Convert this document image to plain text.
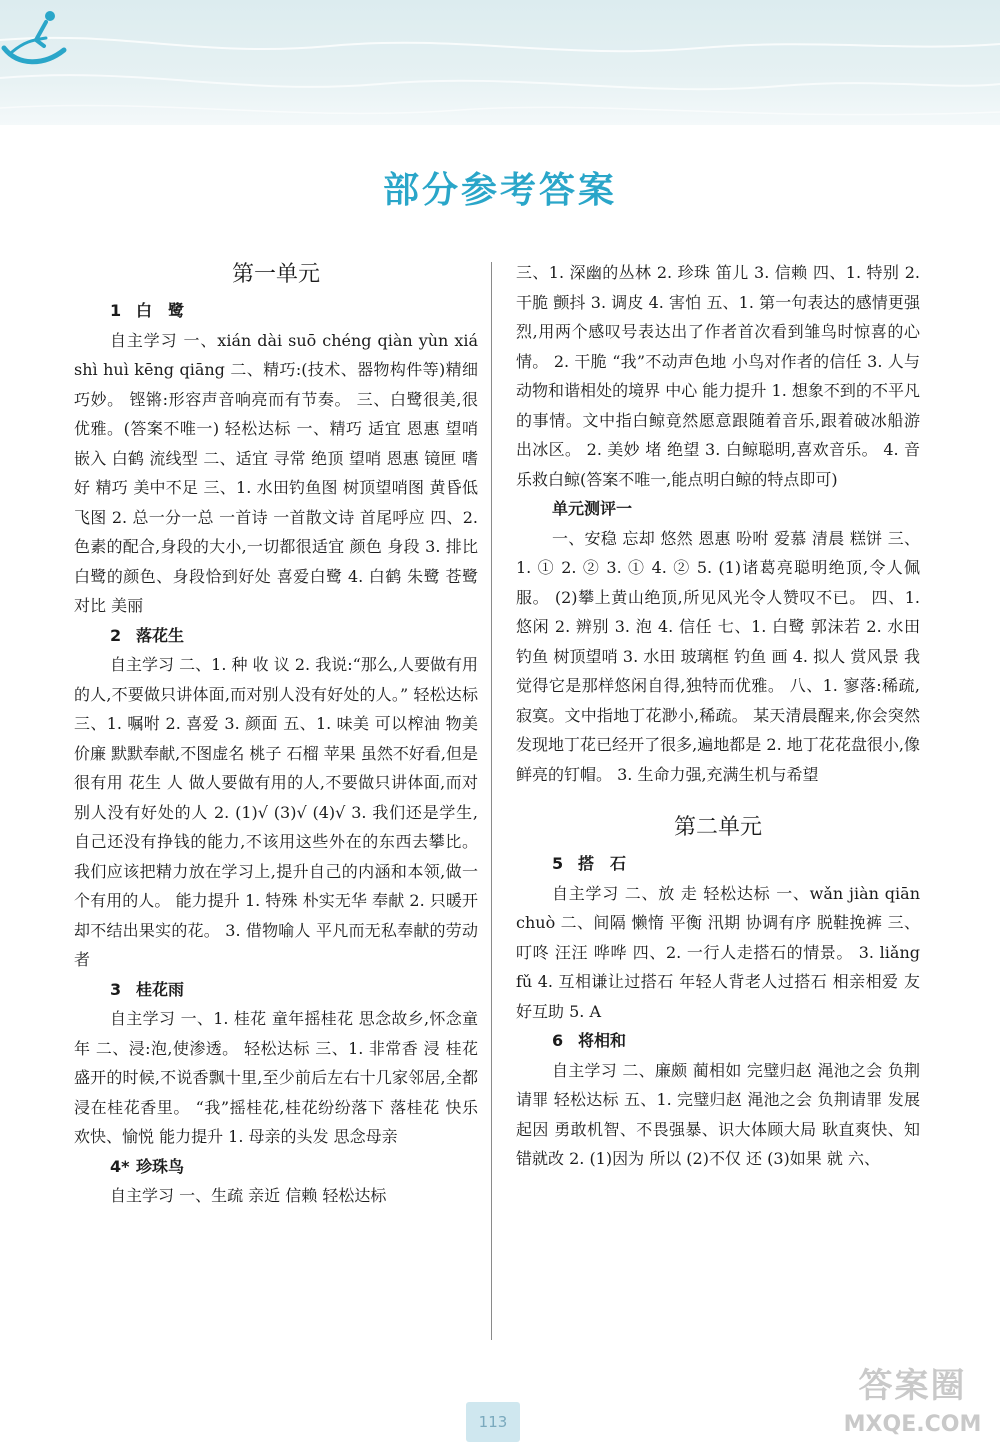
部分参考答案
第一单元
1 白　鹭

自主学习 一、xián dài suō chéng qiàn yùn xiá shì huì kēng qiāng 二、精巧:(技术、器物构件等)精细巧妙。 铿锵:形容声音响亮而有节奏。 三、白鹭很美,很优雅。(答案不唯一) 轻松达标 一、精巧 适宜 恩惠 望哨 嵌入 白鹤 流线型 二、适宜 寻常 绝顶 望哨 恩惠 镜匣 嗜好 精巧 美中不足 三、1. 水田钓鱼图 树顶望哨图 黄昏低飞图 2. 总一分一总 一首诗 一首散文诗 首尾呼应 四、2. 色素的配合,身段的大小,一切都很适宜 颜色 身段 3. 排比 白鹭的颜色、身段恰到好处 喜爱白鹭 4. 白鹤 朱鹭 苍鹭 对比 美丽

2 落花生

自主学习 二、1. 种 收 议 2. 我说:“那么,人要做有用的人,不要做只讲体面,而对别人没有好处的人。” 轻松达标 三、1. 嘱咐 2. 喜爱 3. 颜面 五、1. 味美 可以榨油 物美价廉 默默奉献,不图虚名 桃子 石榴 苹果 虽然不好看,但是很有用 花生 人 做人要做有用的人,不要做只讲体面,而对别人没有好处的人 2. (1)√ (3)√ (4)√ 3. 我们还是学生,自己还没有挣钱的能力,不该用这些外在的东西去攀比。我们应该把精力放在学习上,提升自己的内涵和本领,做一个有用的人。 能力提升 1. 特殊 朴实无华 奉献 2. 只暖开却不结出果实的花。 3. 借物喻人 平凡而无私奉献的劳动者

3 桂花雨

自主学习 一、1. 桂花 童年摇桂花 思念故乡,怀念童年 二、浸:泡,使渗透。 轻松达标 三、1. 非常香 浸 桂花盛开的时候,不说香飘十里,至少前后左右十几家邻居,全都浸在桂花香里。 “我”摇桂花,桂花纷纷落下 落桂花 快乐 欢快、愉悦 能力提升 1. 母亲的头发 思念母亲

4* 珍珠鸟

自主学习 一、生疏 亲近 信赖 轻松达标

三、1. 深幽的丛林 2. 珍珠 笛儿 3. 信赖 四、1. 特别 2. 干脆 颤抖 3. 调皮 4. 害怕 五、1. 第一句表达的感情更强烈,用两个感叹号表达出了作者首次看到雏鸟时惊喜的心情。 2. 干脆 “我”不动声色地 小鸟对作者的信任 3. 人与动物和谐相处的境界 中心 能力提升 1. 想象不到的不平凡的事情。文中指白鲸竟然愿意跟随着音乐,跟着破冰船游出冰区。 2. 美妙 堵 绝望 3. 白鲸聪明,喜欢音乐。 4. 音乐救白鲸(答案不唯一,能点明白鲸的特点即可)

单元测评一

一、安稳 忘却 悠然 恩惠 吩咐 爱慕 清晨 糕饼 三、1. ① 2. ② 3. ① 4. ② 5. (1)诸葛亮聪明绝顶,令人佩服。 (2)攀上黄山绝顶,所见风光令人赞叹不已。 四、1. 悠闲 2. 辨别 3. 泡 4. 信任 七、1. 白鹭 郭沫若 2. 水田钓鱼 树顶望哨 3. 水田 玻璃框 钓鱼 画 4. 拟人 赏风景 我觉得它是那样悠闲自得,独特而优雅。 八、1. 寥落:稀疏,寂寞。文中指地丁花渺小,稀疏。 某天清晨醒来,你会突然发现地丁花已经开了很多,遍地都是 2. 地丁花花盘很小,像鲜亮的钉帽。 3. 生命力强,充满生机与希望

第二单元
5 搭　石

自主学习 二、放 走 轻松达标 一、wǎn jiàn qiān chuò 二、间隔 懒惰 平衡 汛期 协调有序 脱鞋挽裤 三、叮咚 汪汪 哗哗 四、2. 一行人走搭石的情景。 3. liǎng fǔ 4. 互相谦让过搭石 年轻人背老人过搭石 相亲相爱 友好互助 5. A

6 将相和

自主学习 二、廉颇 蔺相如 完璧归赵 渑池之会 负荆请罪 轻松达标 五、1. 完璧归赵 渑池之会 负荆请罪 发展 起因 勇敢机智、不畏强暴、识大体顾大局 耿直爽快、知错就改 2. (1)因为 所以 (2)不仅 还 (3)如果 就 六、

113
答案圈
MXQE.COM
